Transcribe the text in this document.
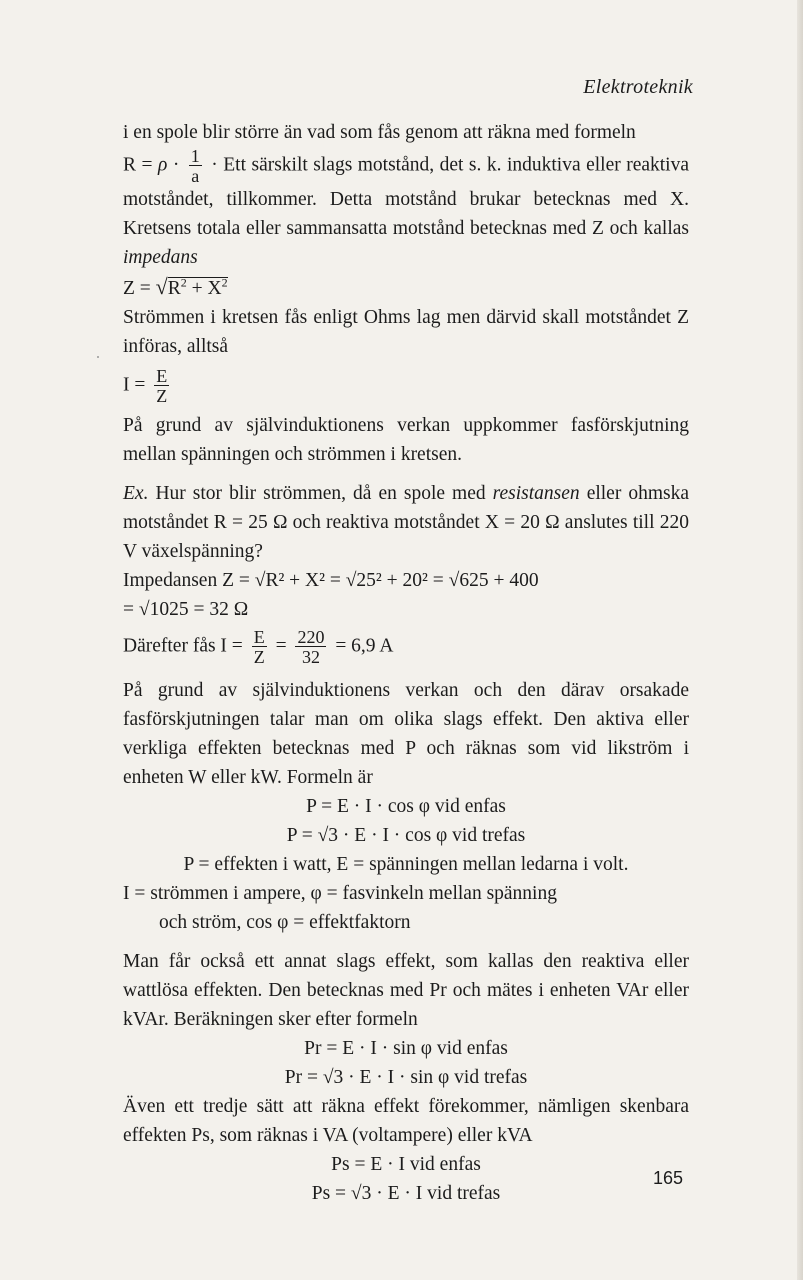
Elektroteknik

i en spole blir större än vad som fås genom att räkna med formeln

$R = \rho \cdot \frac{1}{a}$ · Ett särskilt slags motstånd, det s. k. induktiva eller reaktiva motståndet, tillkommer. Detta motstånd brukar betecknas med X. Kretsens totala eller sammansatta motstånd betecknas med Z och kallas impedans

$Z = √R^2 + X^2$

Strömmen i kretsen fås enligt Ohms lag men därvid skall motståndet Z införas, alltså

$I = \frac{E}{Z}$

På grund av självinduktionens verkan uppkommer fasförskjutning mellan spänningen och strömmen i kretsen.

Ex. Hur stor blir strömmen, då en spole med resistansen eller ohmska motståndet R = 25 Ω och reaktiva motståndet X = 20 Ω anslutes till 220 V växelspänning?

Impedansen Z = √R² + X² = √25² + 20² = √625 + 400

= √1025 = 32 Ω

Därefter fås $I = \frac{E}{Z} = \frac{220}{32} = 6,9$ A

På grund av självinduktionens verkan och den därav orsakade fasförskjutningen talar man om olika slags effekt. Den aktiva eller verkliga effekten betecknas med P och räknas som vid likström i enheten W eller kW. Formeln är

P = E · I · cos φ vid enfas

P = √3 · E · I · cos φ vid trefas

P = effekten i watt, E = spänningen mellan ledarna i volt.

I = strömmen i ampere, φ = fasvinkeln mellan spänning

och ström, cos φ = effektfaktorn

Man får också ett annat slags effekt, som kallas den reaktiva eller wattlösa effekten. Den betecknas med Pr och mätes i enheten VAr eller kVAr. Beräkningen sker efter formeln

Pr = E · I · sin φ vid enfas

Pr = √3 · E · I · sin φ vid trefas

Även ett tredje sätt att räkna effekt förekommer, nämligen skenbara effekten Ps, som räknas i VA (voltampere) eller kVA

Ps = E · I vid enfas

Ps = √3 · E · I vid trefas

165
